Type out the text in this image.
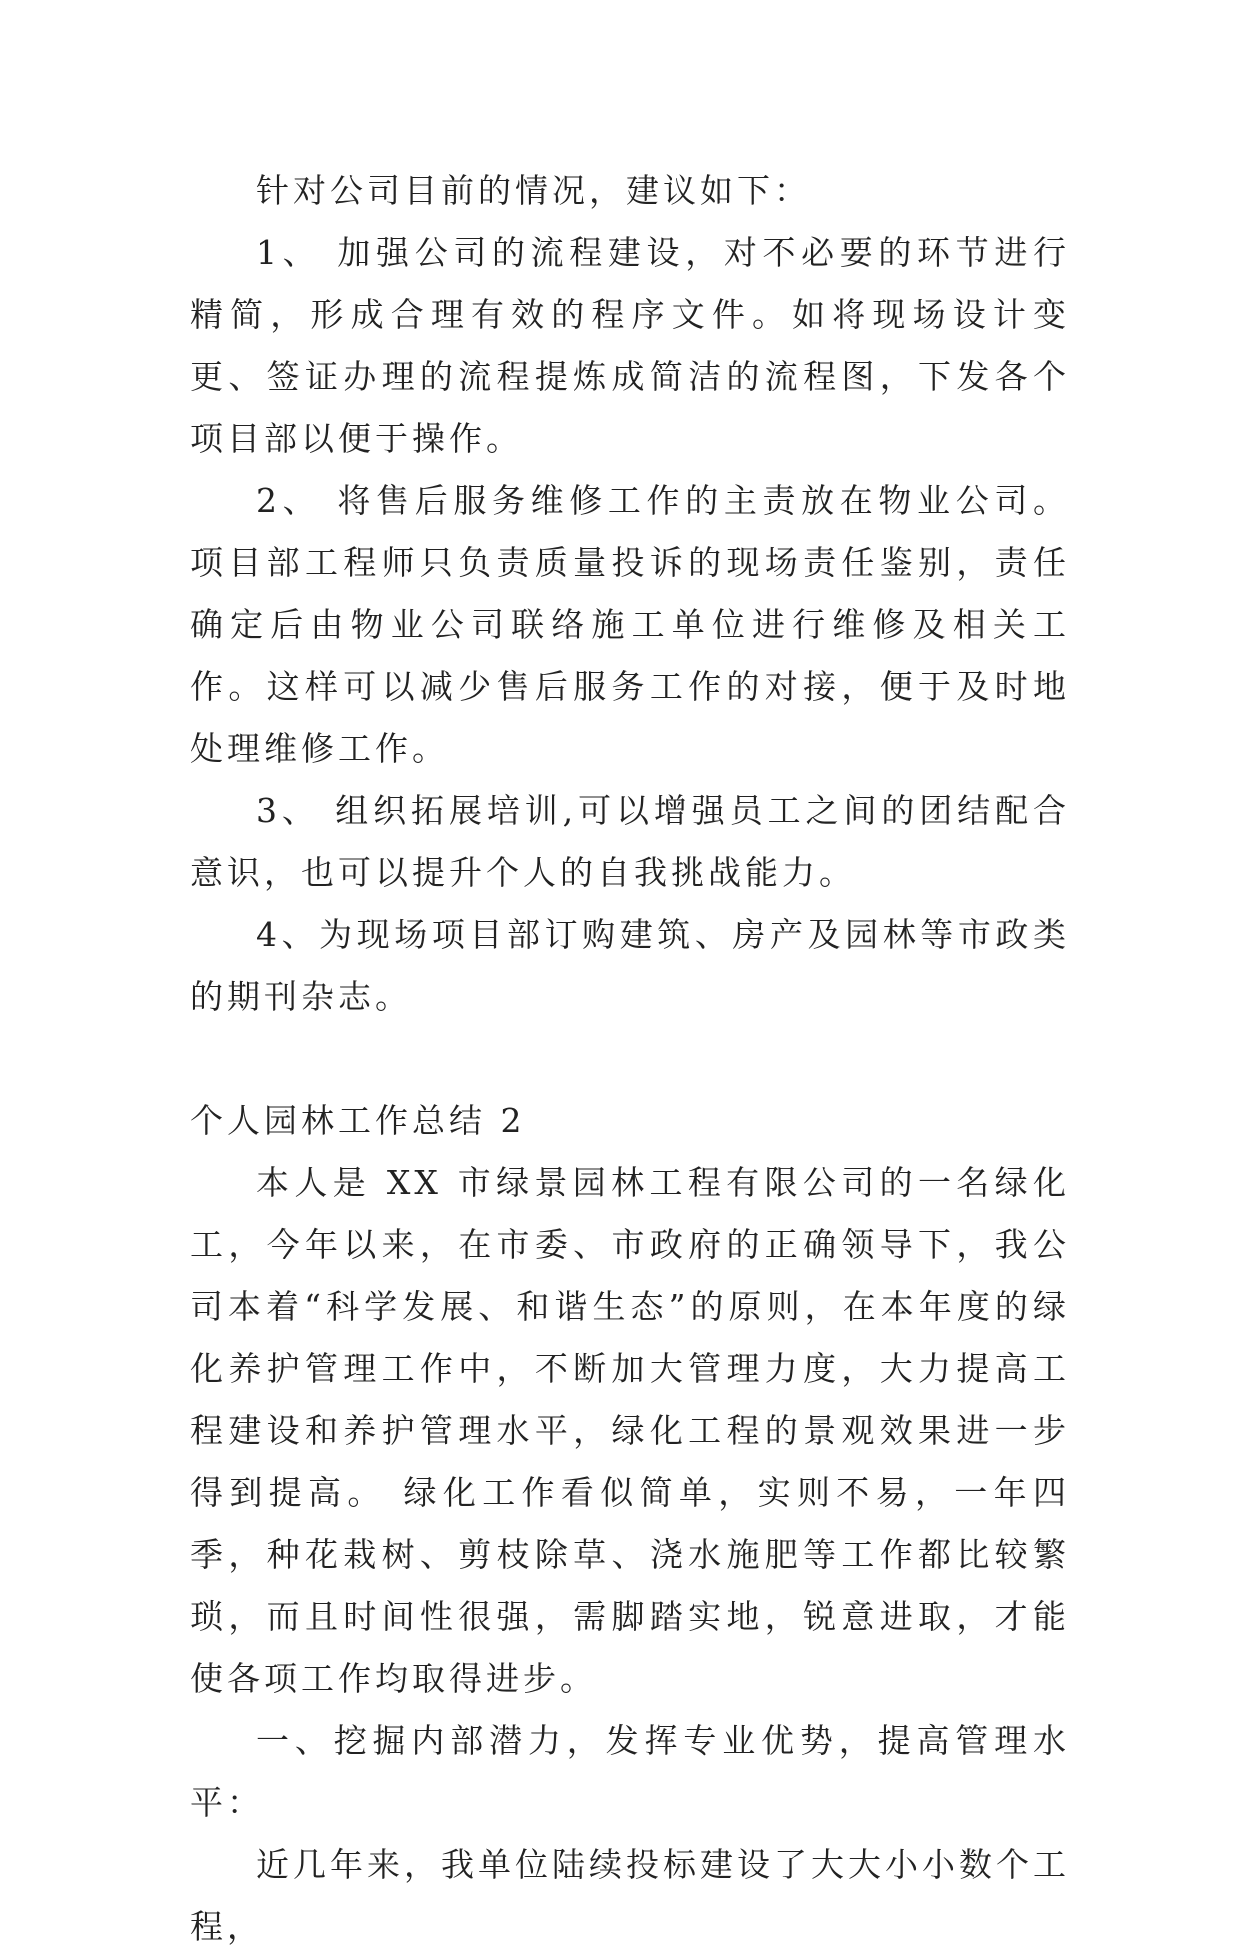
针对公司目前的情况，建议如下：

1、 加强公司的流程建设，对不必要的环节进行精简，形成合理有效的程序文件。如将现场设计变更、签证办理的流程提炼成简洁的流程图，下发各个项目部以便于操作。

2、 将售后服务维修工作的主责放在物业公司。项目部工程师只负责质量投诉的现场责任鉴别，责任确定后由物业公司联络施工单位进行维修及相关工作。这样可以减少售后服务工作的对接，便于及时地处理维修工作。

3、 组织拓展培训,可以增强员工之间的团结配合意识，也可以提升个人的自我挑战能力。

4、为现场项目部订购建筑、房产及园林等市政类的期刊杂志。

个人园林工作总结 2

本人是 XX 市绿景园林工程有限公司的一名绿化工，今年以来，在市委、市政府的正确领导下，我公司本着“科学发展、和谐生态”的原则，在本年度的绿化养护管理工作中，不断加大管理力度，大力提高工程建设和养护管理水平，绿化工程的景观效果进一步得到提高。 绿化工作看似简单，实则不易，一年四季，种花栽树、剪枝除草、浇水施肥等工作都比较繁琐，而且时间性很强，需脚踏实地，锐意进取，才能使各项工作均取得进步。

一、挖掘内部潜力，发挥专业优势，提高管理水平：

近几年来，我单位陆续投标建设了大大小小数个工程，
